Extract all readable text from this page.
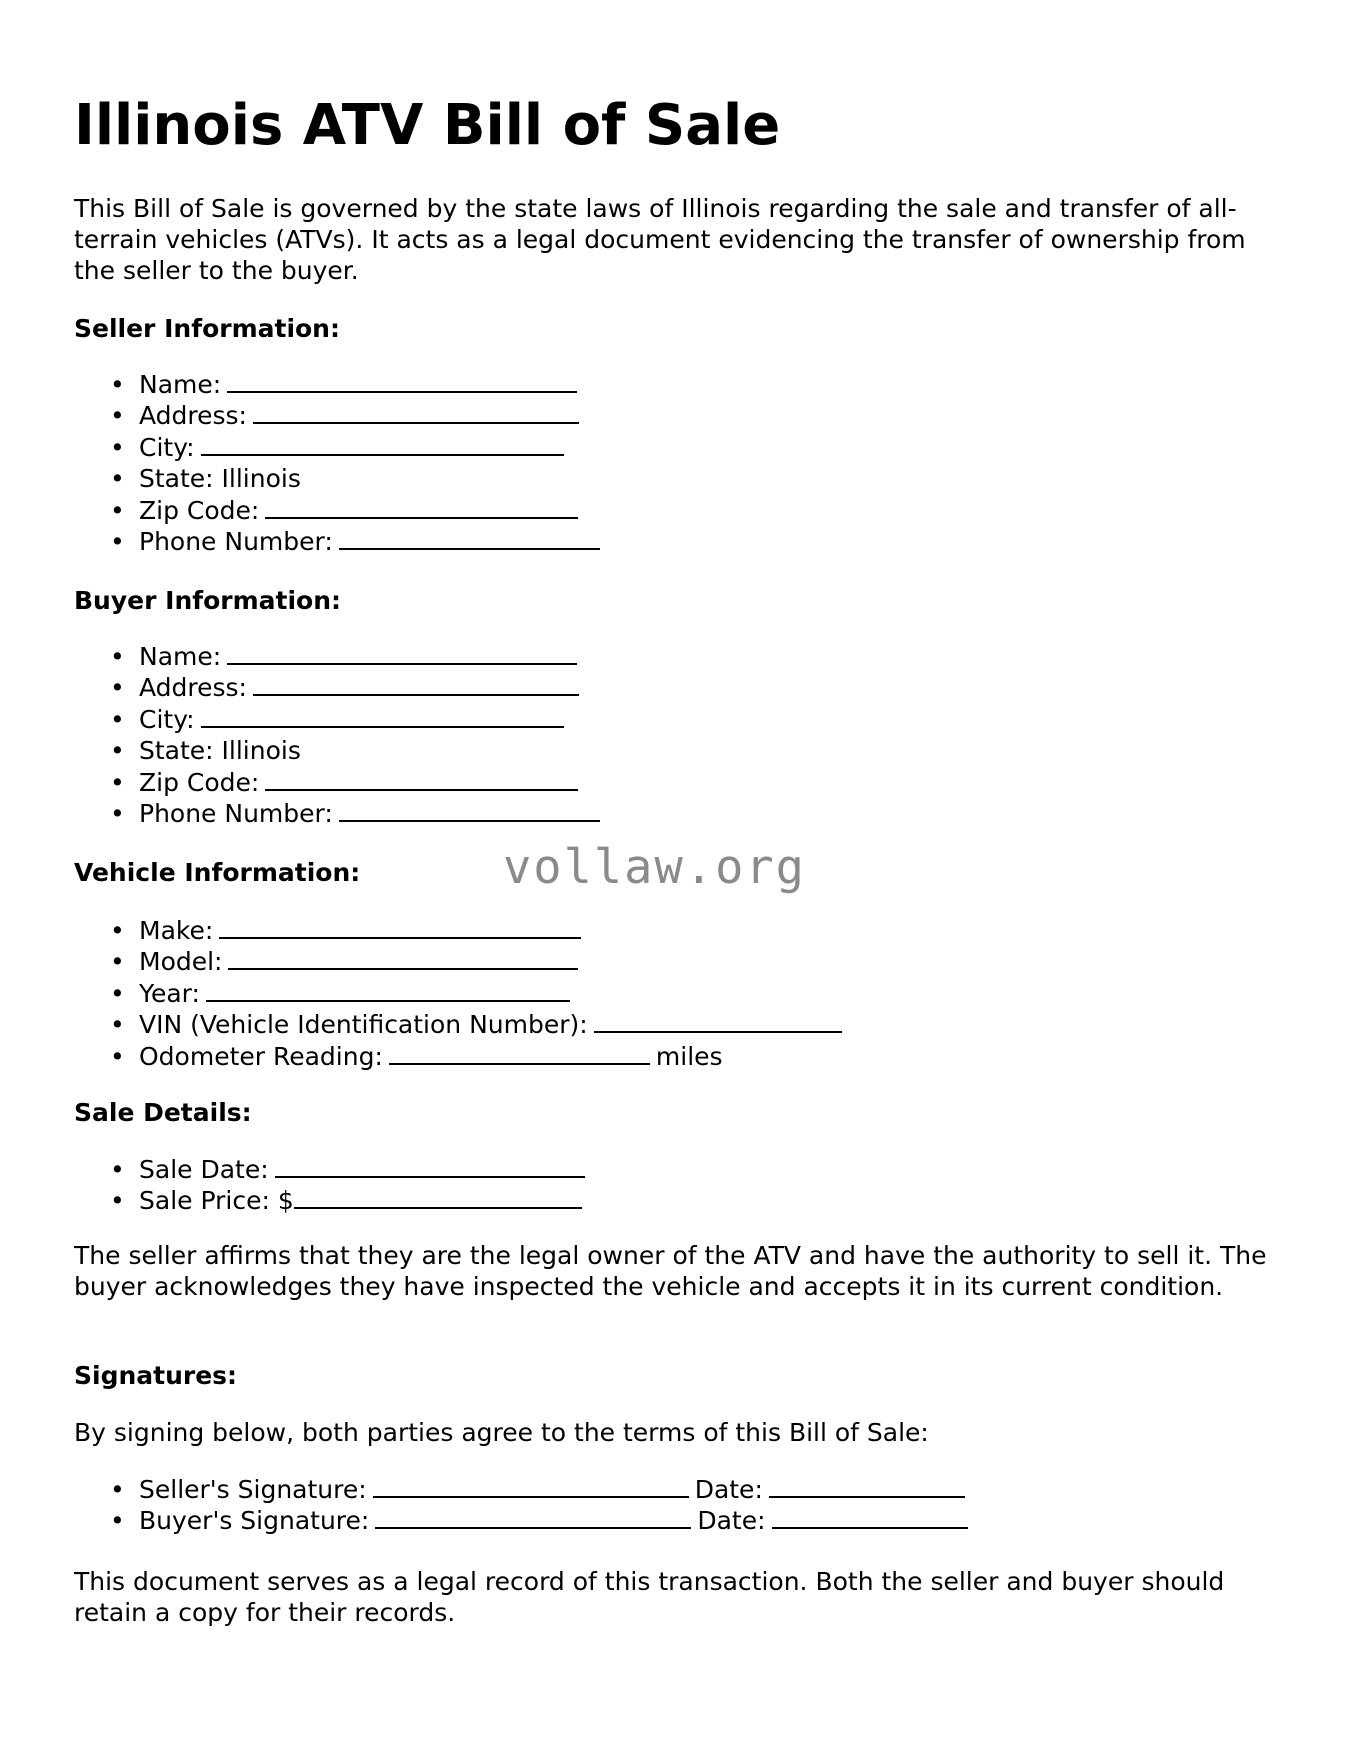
Illinois ATV Bill of Sale

This Bill of Sale is governed by the state laws of Illinois regarding the sale and transfer of all-terrain vehicles (ATVs). It acts as a legal document evidencing the transfer of ownership from the seller to the buyer.

Seller Information:

• Name:
• Address:
• City:
• State: Illinois
• Zip Code:
• Phone Number:

Buyer Information:

• Name:
• Address:
• City:
• State: Illinois
• Zip Code:
• Phone Number:

Vehicle Information:

• Make:
• Model:
• Year:
• VIN (Vehicle Identification Number):
• Odometer Reading:	miles

Sale Details:

• Sale Date:
• Sale Price: $

The seller affirms that they are the legal owner of the ATV and have the authority to sell it. The buyer acknowledges they have inspected the vehicle and accepts it in its current condition.

Signatures:

By signing below, both parties agree to the terms of this Bill of Sale:

• Seller's Signature:	Date:
• Buyer's Signature:	Date:

This document serves as a legal record of this transaction. Both the seller and buyer should retain a copy for their records.

vollaw.org
